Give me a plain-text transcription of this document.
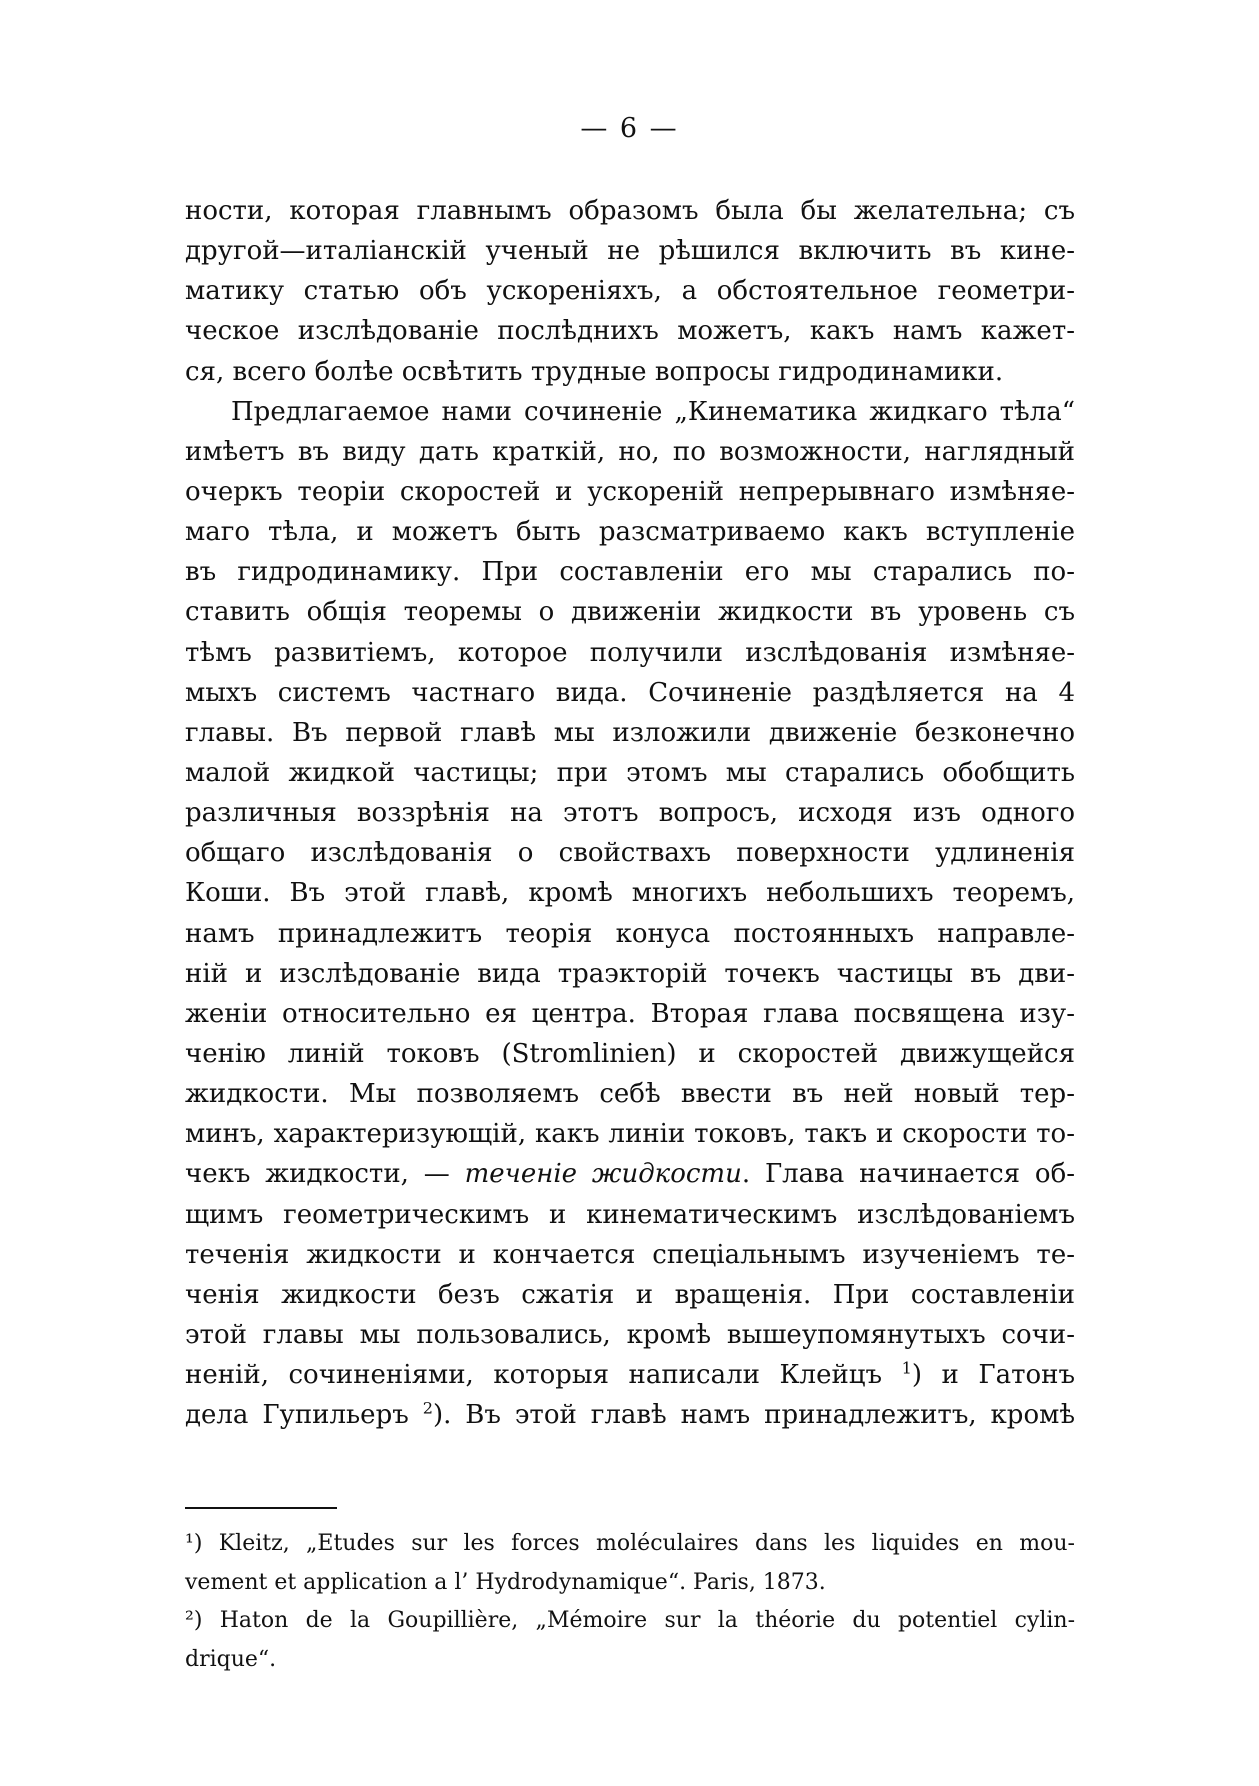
— 6 —
ности, которая главнымъ образомъ была бы желательна; съ
другой—италіанскій ученый не рѣшился включить въ кине-
матику статью объ ускореніяхъ, а обстоятельное геометри-
ческое изслѣдованіе послѣднихъ можетъ, какъ намъ кажет-
ся, всего болѣе освѣтить трудные вопросы гидродинамики.
Предлагаемое нами сочиненіе „Кинематика жидкаго тѣла“
имѣетъ въ виду дать краткій, но, по возможности, наглядный
очеркъ теоріи скоростей и ускореній непрерывнаго измѣняе-
маго тѣла, и можетъ быть разсматриваемо какъ вступленіе
въ гидродинамику. При составленіи его мы старались по-
ставить общія теоремы о движеніи жидкости въ уровень съ
тѣмъ развитіемъ, которое получили изслѣдованія измѣняе-
мыхъ системъ частнаго вида. Сочиненіе раздѣляется на 4
главы. Въ первой главѣ мы изложили движеніе безконечно
малой жидкой частицы; при этомъ мы старались обобщить
различныя воззрѣнія на этотъ вопросъ, исходя изъ одного
общаго изслѣдованія о свойствахъ поверхности удлиненія
Коши. Въ этой главѣ, кромѣ многихъ небольшихъ теоремъ,
намъ принадлежитъ теорія конуса постоянныхъ направле-
ній и изслѣдованіе вида траэкторій точекъ частицы въ дви-
женіи относительно ея центра. Вторая глава посвящена изу-
ченію линій токовъ (Stromlinien) и скоростей движущейся
жидкости. Мы позволяемъ себѣ ввести въ ней новый тер-
минъ, характеризующій, какъ линіи токовъ, такъ и скорости то-
чекъ жидкости, — теченіе жидкости. Глава начинается об-
щимъ геометрическимъ и кинематическимъ изслѣдованіемъ
теченія жидкости и кончается спеціальнымъ изученіемъ те-
ченія жидкости безъ сжатія и вращенія. При составленіи
этой главы мы пользовались, кромѣ вышеупомянутыхъ сочи-
неній, сочиненіями, которыя написали Клейцъ $^1$) и Гатонъ
дела Гупильеръ $^2$). Въ этой главѣ намъ принадлежитъ, кромѣ
¹) Kleitz, „Etudes sur les forces moléculaires dans les liquides en mou-
vement et application a l’ Hydrodynamique“. Paris, 1873.
²) Haton de la Goupillière, „Mémoire sur la théorie du potentiel cylin-
drique“.
